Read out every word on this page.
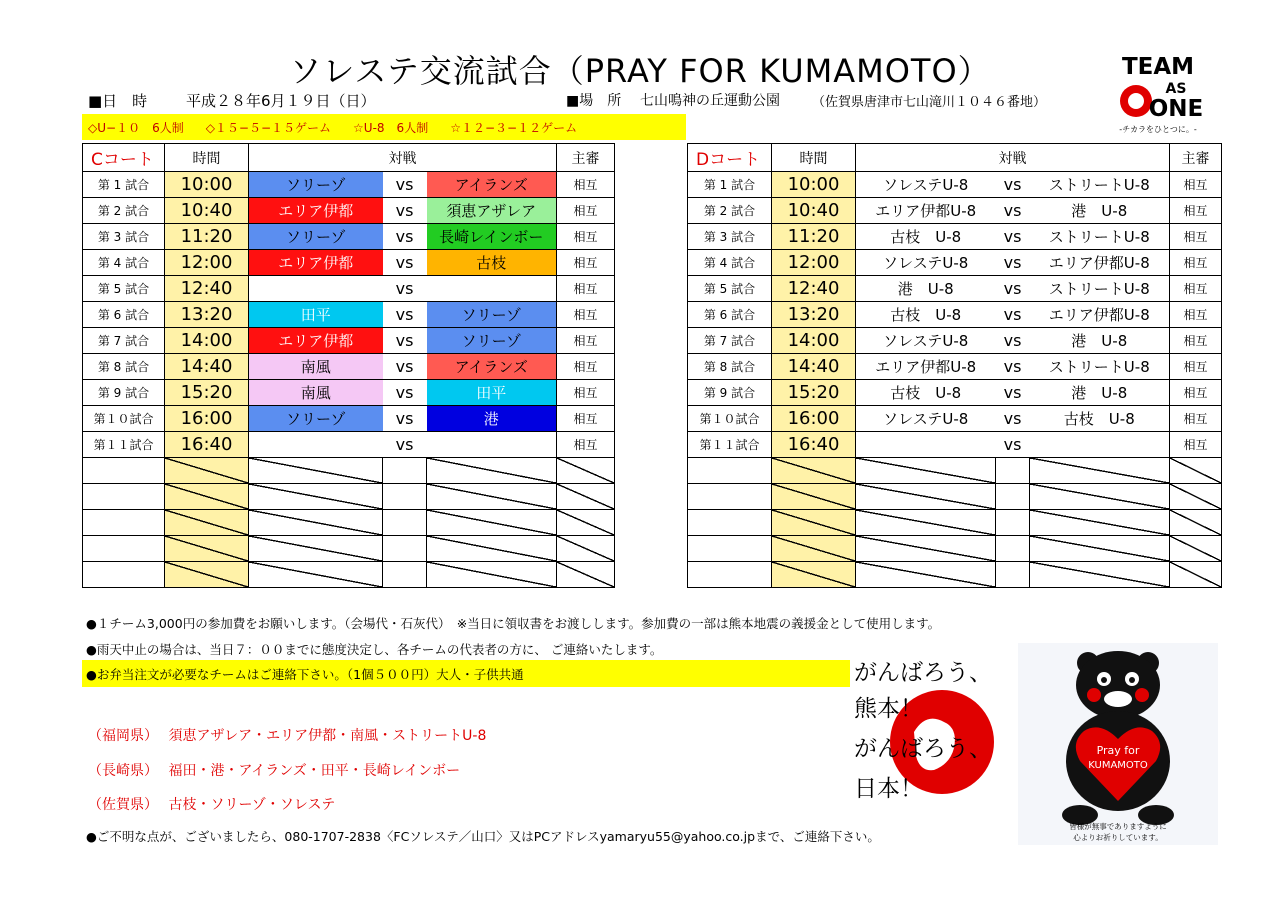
ソレステ交流試合（PRAY FOR KUMAMOTO）
■日　時	平成２８年6月１９日（日）	■場　所 七山鳴神の丘運動公園 （佐賀県唐津市七山滝川１０４６番地）
◇U−１０　6人制 ◇１５−５−１５ゲーム ☆U-8　6人制 ☆１２−３−１２ゲーム
Cコート	時間	対戦			主審
第 1 試合	10:00	ソリーゾ	vs	アイランズ	相互
第 2 試合	10:40	エリア伊都	vs	須恵アザレア	相互
第 3 試合	11:20	ソリーゾ	vs	長崎レインボー	相互
第 4 試合	12:00	エリア伊都	vs	古枝	相互
第 5 試合	12:40		vs		相互
第 6 試合	13:20	田平	vs	ソリーゾ	相互
第 7 試合	14:00	エリア伊都	vs	ソリーゾ	相互
第 8 試合	14:40	南風	vs	アイランズ	相互
第 9 試合	15:20	南風	vs	田平	相互
第１０試合	16:00	ソリーゾ	vs	港	相互
第１１試合	16:40		vs		相互

Dコート	時間	対戦			主審
第 1 試合	10:00	ソレステU-8	vs	ストリートU-8	相互
第 2 試合	10:40	エリア伊都U-8	vs	港　U-8	相互
第 3 試合	11:20	古枝　U-8	vs	ストリートU-8	相互
第 4 試合	12:00	ソレステU-8	vs	エリア伊都U-8	相互
第 5 試合	12:40	港　U-8	vs	ストリートU-8	相互
第 6 試合	13:20	古枝　U-8	vs	エリア伊都U-8	相互
第 7 試合	14:00	ソレステU-8	vs	港　U-8	相互
第 8 試合	14:40	エリア伊都U-8	vs	ストリートU-8	相互
第 9 試合	15:20	古枝　U-8	vs	港　U-8	相互
第１０試合	16:00	ソレステU-8	vs	古枝　U-8	相互
第１１試合	16:40		vs		相互

●１チーム3,000円の参加費をお願いします。（会場代・石灰代）　※当日に領収書をお渡しします。参加費の一部は熊本地震の義援金として使用します。
●雨天中止の場合は、当日７：００までに態度決定し、各チームの代表者の方に、 ご連絡いたします。
●お弁当注文が必要なチームはご連絡下さい。（1個５００円）大人・子供共通
（福岡県） 須恵アザレア・エリア伊都・南風・ストリートU-8
（長崎県） 福田・港・アイランズ・田平・長崎レインボー
（佐賀県） 古枝・ソリーゾ・ソレステ
●ご不明な点が、ございましたら、080-1707-2838〈FCソレステ／山口〉又はPCアドレスyamaryu55@yahoo.co.jpまで、ご連絡下さい。
TEAM
AS
ONE
-チカラをひとつに。-
がんばろう、
熊本！
がんばろう、
日本！
Pray for
KUMAMOTO
皆様が無事でありますように
心よりお祈りしています。
